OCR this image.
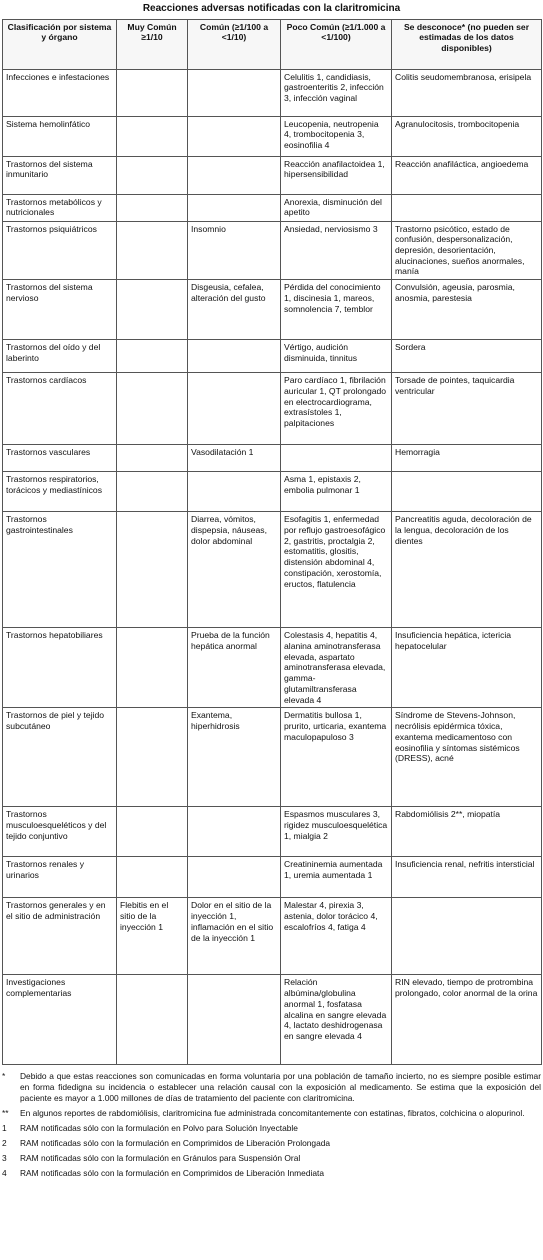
Reacciones adversas notificadas con la claritromicina
Clasificación por sistema y órgano	Muy Común ≥1/10	Común (≥1/100 a <1/10)	Poco Común (≥1/1.000 a <1/100)	Se desconoce* (no pueden ser estimadas de los datos disponibles)
Infecciones e infestaciones			Celulitis 1, candidiasis, gastroenteritis 2, infección 3, infección vaginal	Colitis seudomembranosa, erisipela
Sistema hemolinfático			Leucopenia, neutropenia 4, trombocitopenia 3, eosinofilia 4	Agranulocitosis, trombocitopenia
Trastornos del sistema inmunitario			Reacción anafilactoidea 1, hipersensibilidad	Reacción anafiláctica, angioedema
Trastornos metabólicos y nutricionales			Anorexia, disminución del apetito	
Trastornos psiquiátricos		Insomnio	Ansiedad, nerviosismo 3	Trastorno psicótico, estado de confusión, despersonalización, depresión, desorientación, alucinaciones, sueños anormales, manía
Trastornos del sistema nervioso		Disgeusia, cefalea, alteración del gusto	Pérdida del conocimiento 1, discinesia 1, mareos, somnolencia 7, temblor	Convulsión, ageusia, parosmia, anosmia, parestesia
Trastornos del oído y del laberinto			Vértigo, audición disminuida, tinnitus	Sordera
Trastornos cardíacos			Paro cardíaco 1, fibrilación auricular 1, QT prolongado en electrocardiograma, extrasístoles 1, palpitaciones	Torsade de pointes, taquicardia ventricular
Trastornos vasculares		Vasodilatación 1		Hemorragia
Trastornos respiratorios, torácicos y mediastínicos			Asma 1, epistaxis 2, embolia pulmonar 1	
Trastornos gastrointestinales		Diarrea, vómitos, dispepsia, náuseas, dolor abdominal	Esofagitis 1, enfermedad por reflujo gastroesofágico 2, gastritis, proctalgia 2, estomatitis, glositis, distensión abdominal 4, constipación, xerostomía, eructos, flatulencia	Pancreatitis aguda, decoloración de la lengua, decoloración de los dientes
Trastornos hepatobiliares		Prueba de la función hepática anormal	Colestasis 4, hepatitis 4, alanina aminotransferasa elevada, aspartato aminotransferasa elevada, gamma-glutamiltransferasa elevada 4	Insuficiencia hepática, ictericia hepatocelular
Trastornos de piel y tejido subcutáneo		Exantema, hiperhidrosis	Dermatitis bullosa 1, prurito, urticaria, exantema maculopapuloso 3	Síndrome de Stevens-Johnson, necrólisis epidérmica tóxica, exantema medicamentoso con eosinofilia y síntomas sistémicos (DRESS), acné
Trastornos musculoesqueléticos y del tejido conjuntivo			Espasmos musculares 3, rigidez musculoesquelética 1, mialgia 2	Rabdomiólisis 2**, miopatía
Trastornos renales y urinarios			Creatininemia aumentada 1, uremia aumentada 1	Insuficiencia renal, nefritis intersticial
Trastornos generales y en el sitio de administración	Flebitis en el sitio de la inyección 1	Dolor en el sitio de la inyección 1, inflamación en el sitio de la inyección 1	Malestar 4, pirexia 3, astenia, dolor torácico 4, escalofríos 4, fatiga 4	
Investigaciones complementarias			Relación albúmina/globulina anormal 1, fosfatasa alcalina en sangre elevada 4, lactato deshidrogenasa en sangre elevada 4	RIN elevado, tiempo de protrombina prolongado, color anormal de la orina
*	Debido a que estas reacciones son comunicadas en forma voluntaria por una población de tamaño incierto, no es siempre posible estimar en forma fidedigna su incidencia o establecer una relación causal con la exposición al medicamento. Se estima que la exposición del paciente es mayor a 1.000 millones de días de tratamiento del paciente con claritromicina.
**	En algunos reportes de rabdomiólisis, claritromicina fue administrada concomitantemente con estatinas, fibratos, colchicina o alopurinol.
1	RAM notificadas sólo con la formulación en Polvo para Solución Inyectable
2	RAM notificadas sólo con la formulación en Comprimidos de Liberación Prolongada
3	RAM notificadas sólo con la formulación en Gránulos para Suspensión Oral
4	RAM notificadas sólo con la formulación en Comprimidos de Liberación Inmediata
